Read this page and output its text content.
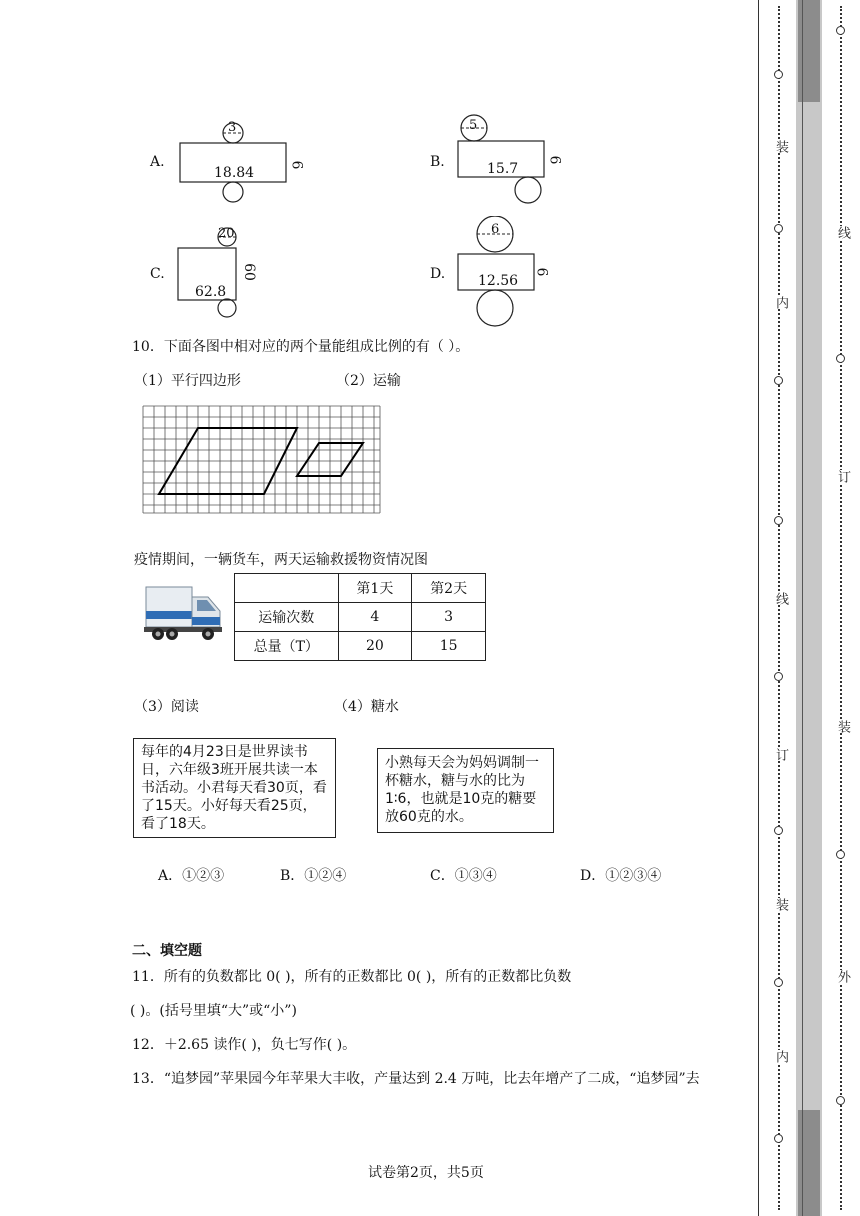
A.
3
18.84 6	B.
5
15.7
6
C.
20
62.8
60	D.
6
12.56
6
10．下面各图中相对应的两个量能组成比例的有（ ）。
（1）平行四边形	（2）运输
疫情期间，一辆货车，两天运输救援物资情况图
	第1天	第2天
运输次数	4	3
总量（T）	20	15
（3）阅读	（4）糖水
每年的4月23日是世界读书日，六年级3班开展共读一本书活动。小君每天看30页，看了15天。小好每天看25页，看了18天。
小熟每天会为妈妈调制一杯糖水，糖与水的比为1∶6，也就是10克的糖要放60克的水。
A．①②③	B．①②④	C．①③④	D．①②③④
二、填空题
11．所有的负数都比 0( )，所有的正数都比 0( )，所有的正数都比负数
( )。(括号里填“大”或“小”)
12．＋2.65 读作( )，负七写作( )。
13．“追梦园”苹果园今年苹果大丰收，产量达到 2.4 万吨，比去年增产了二成，“追梦园”去
试卷第2页，共5页
装
内
线
订
装
内
线
订
装
外
